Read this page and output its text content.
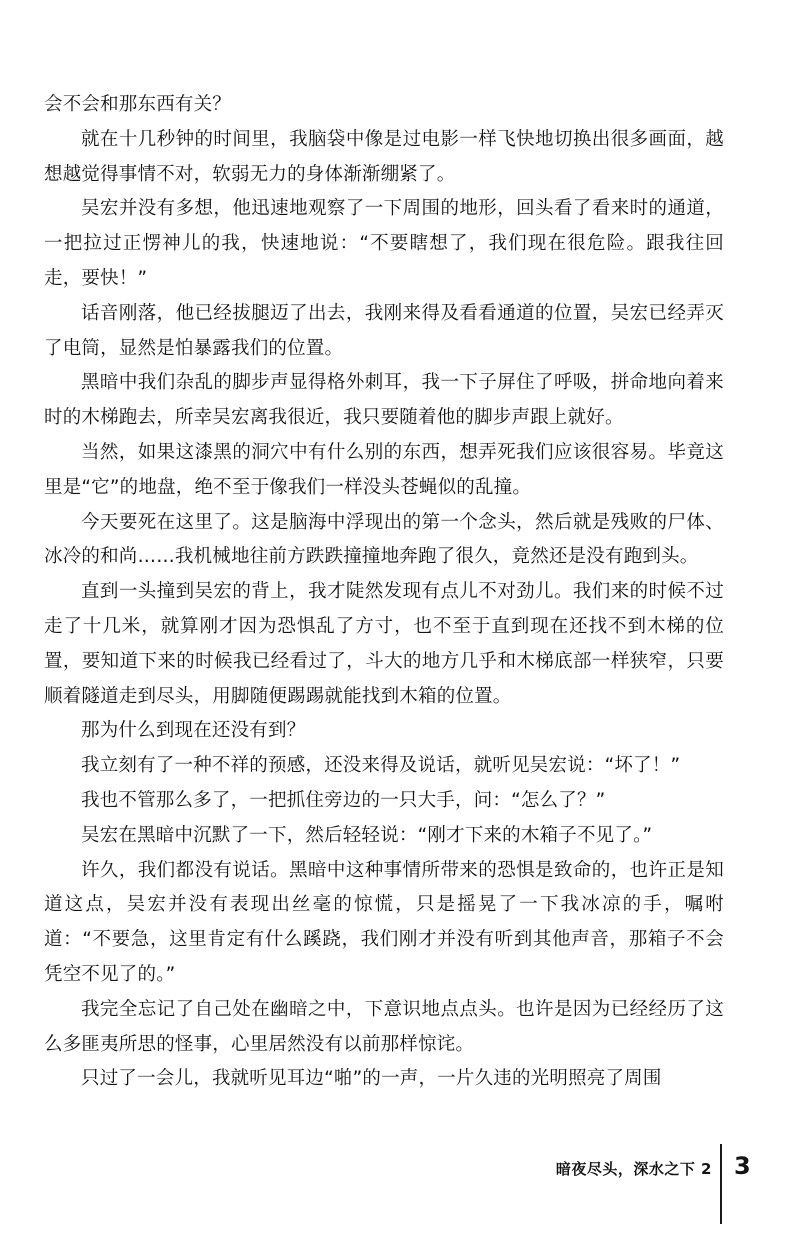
会不会和那东西有关？

就在十几秒钟的时间里，我脑袋中像是过电影一样飞快地切换出很多画面，越想越觉得事情不对，软弱无力的身体渐渐绷紧了。

吴宏并没有多想，他迅速地观察了一下周围的地形，回头看了看来时的通道，一把拉过正愣神儿的我，快速地说：“不要瞎想了，我们现在很危险。跟我往回走，要快！”

话音刚落，他已经拔腿迈了出去，我刚来得及看看通道的位置，吴宏已经弄灭了电筒，显然是怕暴露我们的位置。

黑暗中我们杂乱的脚步声显得格外刺耳，我一下子屏住了呼吸，拼命地向着来时的木梯跑去，所幸吴宏离我很近，我只要随着他的脚步声跟上就好。

当然，如果这漆黑的洞穴中有什么别的东西，想弄死我们应该很容易。毕竟这里是“它”的地盘，绝不至于像我们一样没头苍蝇似的乱撞。

今天要死在这里了。这是脑海中浮现出的第一个念头，然后就是残败的尸体、冰冷的和尚……我机械地往前方跌跌撞撞地奔跑了很久，竟然还是没有跑到头。

直到一头撞到吴宏的背上，我才陡然发现有点儿不对劲儿。我们来的时候不过走了十几米，就算刚才因为恐惧乱了方寸，也不至于直到现在还找不到木梯的位置，要知道下来的时候我已经看过了，斗大的地方几乎和木梯底部一样狭窄，只要顺着隧道走到尽头，用脚随便踢踢就能找到木箱的位置。

那为什么到现在还没有到？

我立刻有了一种不祥的预感，还没来得及说话，就听见吴宏说：“坏了！”

我也不管那么多了，一把抓住旁边的一只大手，问：“怎么了？”

吴宏在黑暗中沉默了一下，然后轻轻说：“刚才下来的木箱子不见了。”

许久，我们都没有说话。黑暗中这种事情所带来的恐惧是致命的，也许正是知道这点，吴宏并没有表现出丝毫的惊慌，只是摇晃了一下我冰凉的手，嘱咐道：“不要急，这里肯定有什么蹊跷，我们刚才并没有听到其他声音，那箱子不会凭空不见了的。”

我完全忘记了自己处在幽暗之中，下意识地点点头。也许是因为已经经历了这么多匪夷所思的怪事，心里居然没有以前那样惊诧。

只过了一会儿，我就听见耳边“啪”的一声，一片久违的光明照亮了周围

暗夜尽头，深水之下 2 3
